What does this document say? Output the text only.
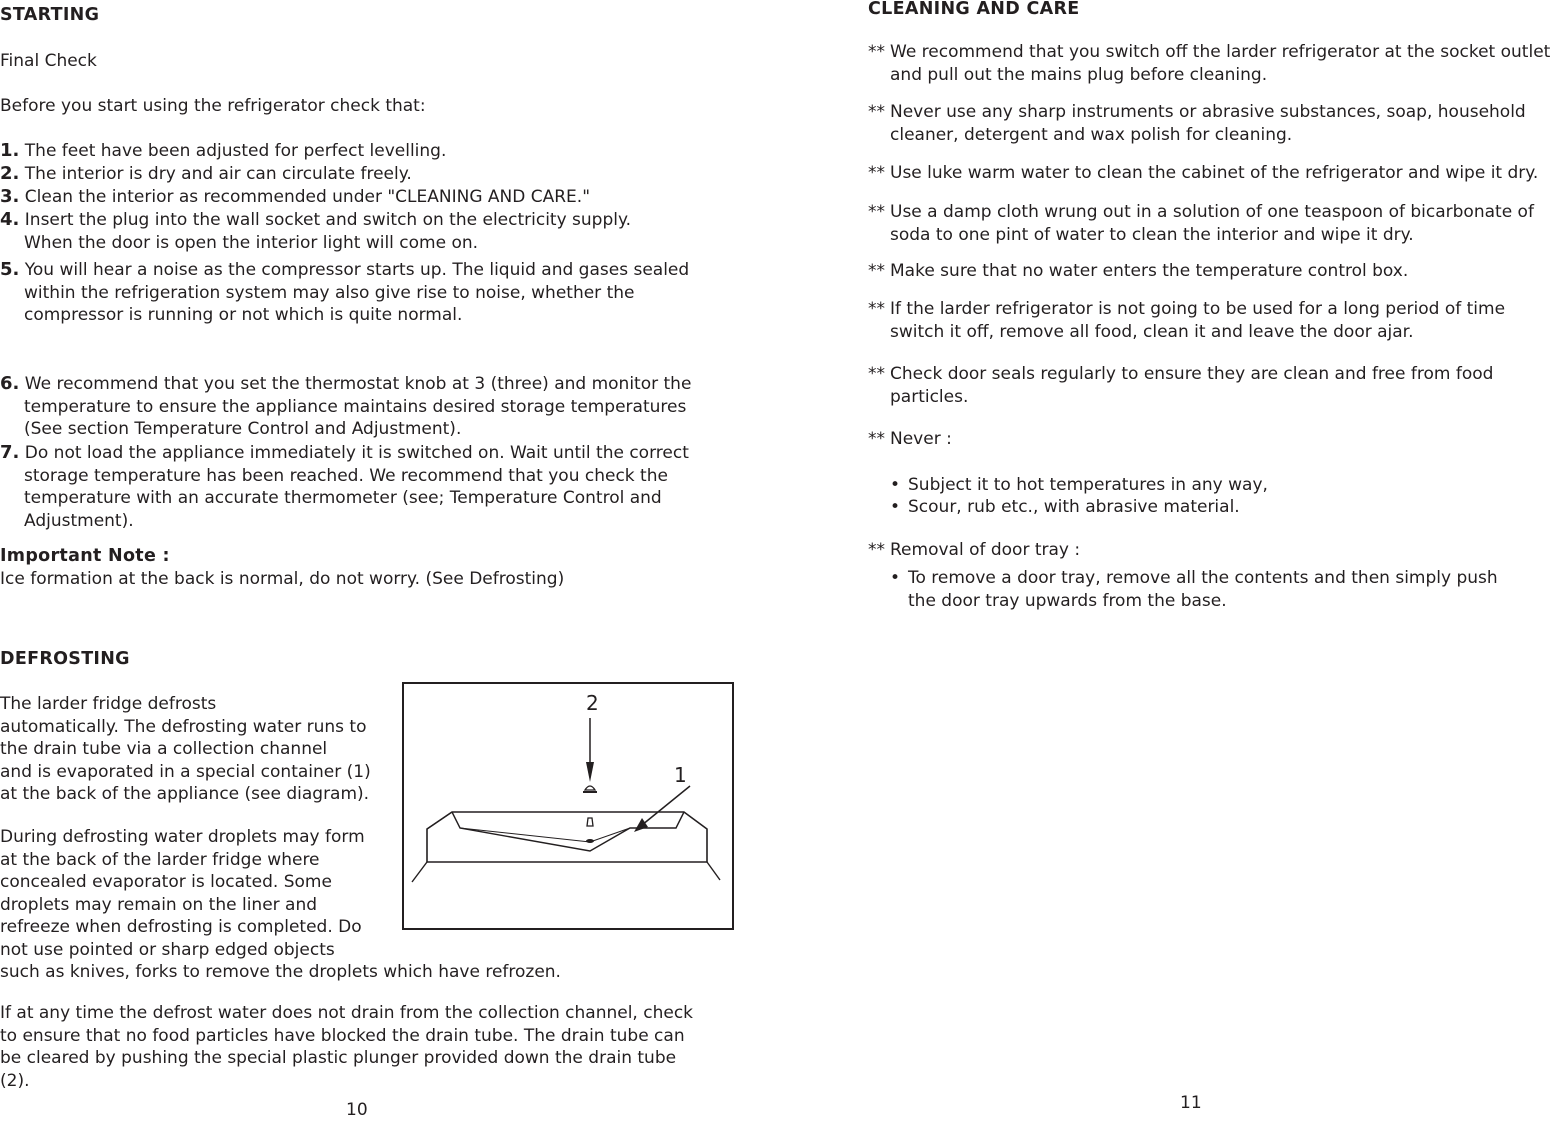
STARTING
Final Check
Before you start using the refrigerator check that:
1. The feet have been adjusted for perfect levelling.
2. The interior is dry and air can circulate freely.
3. Clean the interior as recommended under "CLEANING AND CARE."
4. Insert the plug into the wall socket and switch on the electricity supply.
When the door is open the interior light will come on.
5. You will hear a noise as the compressor starts up. The liquid and gases sealed
within the refrigeration system may also give rise to noise, whether the
compressor is running or not which is quite normal.
6. We recommend that you set the thermostat knob at 3 (three) and monitor the
temperature to ensure the appliance maintains desired storage temperatures
(See section Temperature Control and Adjustment).
7. Do not load the appliance immediately it is switched on. Wait until the correct
storage temperature has been reached. We recommend that you check the
temperature with an accurate thermometer (see; Temperature Control and
Adjustment).
Important Note :
Ice formation at the back is normal, do not worry. (See Defrosting)
DEFROSTING
The larder fridge defrosts
automatically. The defrosting water runs to
the drain tube via a collection channel
and is evaporated in a special container (1)
at the back of the appliance (see diagram).
During defrosting water droplets may form
at the back of the larder fridge where
concealed evaporator is located. Some
droplets may remain on the liner and
refreeze when defrosting is completed. Do
not use pointed or sharp edged objects
such as knives, forks to remove the droplets which have refrozen.
If at any time the defrost water does not drain from the collection channel, check
to ensure that no food particles have blocked the drain tube. The drain tube can
be cleared by pushing the special plastic plunger provided down the drain tube
(2).
2
1
10
CLEANING AND CARE
** We recommend that you switch off the larder refrigerator at the socket outlet
and pull out the mains plug before cleaning.
** Never use any sharp instruments or abrasive substances, soap, household
cleaner, detergent and wax polish for cleaning.
** Use luke warm water to clean the cabinet of the refrigerator and wipe it dry.
** Use a damp cloth wrung out in a solution of one teaspoon of bicarbonate of
soda to one pint of water to clean the interior and wipe it dry.
** Make sure that no water enters the temperature control box.
** If the larder refrigerator is not going to be used for a long period of time
switch it off, remove all food, clean it and leave the door ajar.
** Check door seals regularly to ensure they are clean and free from food
particles.
** Never :
• Subject it to hot temperatures in any way,
• Scour, rub etc., with abrasive material.
** Removal of door tray :
• To remove a door tray, remove all the contents and then simply push
the door tray upwards from the base.
11
